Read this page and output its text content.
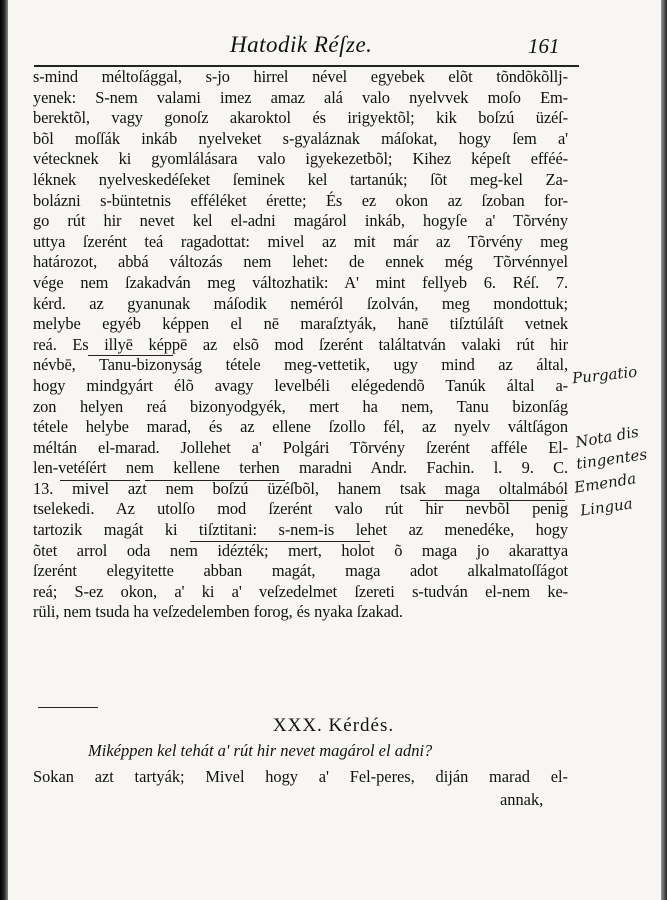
Hatodik Réſze.	161
s-mind méltoſággal, s-jo hirrel nével egyebek elõt tõndõkõllj-
yenek: S-nem valami imez amaz alá valo nyelvvek moſo Em-
berektõl, vagy gonoſz akaroktol és irigyektõl; kik boſzú üzéſ-
bõl moſſák inkáb nyelveket s-gyaláznak máſokat, hogy ſem a'
vétecknek ki gyomlálásara valo igyekezetbõl; Kihez képeſt efféé-
léknek nyelveskedéſeket ſeminek kel tartanúk; ſõt meg-kel Za-
bolázni s-büntetnis efféléket érette; És ez okon az ſzoban for-
go rút hir nevet kel el-adni magárol inkáb, hogyſe a' Tõrvény
uttya ſzerént teá ragadottat: mivel az mit már az Tõrvény meg
határozot, abbá változás nem lehet: de ennek még Tõrvénnyel
vége nem ſzakadván meg változhatik: A' mint fellyeb 6. Réſ. 7.
kérd. az gyanunak máſodik neméról ſzolván, meg mondottuk;
melybe egyéb képpen el nē maraſztyák, hanē tiſztúláſt vetnek
reá. Es illyē képpē az elsõ mod ſzerént találtatván valaki rút hir
névbē, Tanu-bizonyság tétele meg-vettetik, ugy mind az által,
hogy mindgyárt élõ avagy levelbéli elégedendõ Tanúk által a-
zon helyen reá bizonyodgyék, mert ha nem, Tanu bizonſág
tétele helybe marad, és az ellene ſzollo fél, az nyelv váltſágon
méltán el-marad. Jollehet a' Polgári Tõrvény ſzerént afféle El-
len-vetéſért nem kellene terhen maradni Andr. Fachin. l. 9. C.
13. mivel azt nem boſzú üzéſbõl, hanem tsak maga oltalmából
tselekedi. Az utolſo mod ſzerént valo rút hir nevbõl penig
tartozik magát ki tiſztitani: s-nem-is lehet az menedéke, hogy
õtet arrol oda nem idézték; mert, holot õ maga jo akarattya
ſzerént elegyitette abban magát, maga adot alkalmatoſſágot
reá; S-ez okon, a' ki a' veſzedelmet ſzereti s-tudván el-nem ke-
rüli, nem tsuda ha veſzedelemben forog, és nyaka ſzakad.
XXX. Kérdés.
Miképpen kel tehát a' rút hir nevet magárol el adni?
Sokan azt tartyák; Mivel hogy a' Fel-peres, diján marad el-
annak,
Purgatio
Nota dis
tingentes
Emenda
Lingua
